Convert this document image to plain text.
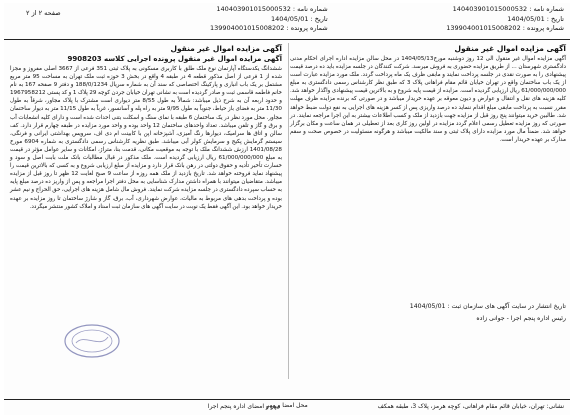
صفحه ۲ از ۲	شماره نامه : 140403901015000532
تاریخ : 1404/05/01
شماره پرونده : 139904001015008202
شماره نامه : 140403901015000532
تاریخ : 1404/05/01
شماره پرونده : 139904001015008202
آگهی مزایده اموال غیر منقول

آگهی مزایده اموال غیر منقول الی 12 روز دوشنبه مورخ1404/05/13 در محل سالن مزایده اداره اجرای احکام مدنی دادگستری شهرستان ... از طریق مزایده حضوری به فروش میرسد. شرکت کنندگان در جلسه مزایده باید ده درصد قیمت پیشنهادی را به صورت نقدی در جلسه پرداخت نمایند و مابقی ظرف یک ماه پرداخت گردد. ملک مورد مزایده عبارت است از یک باب ساختمان واقع در تهران خیابان قائم مقام فراهانی پلاک 3 که طبق نظر کارشناس رسمی دادگستری به مبلغ 61/000/000/000 ریال ارزیابی گردیده است. مزایده از قیمت پایه شروع و به بالاترین قیمت پیشنهادی واگذار خواهد شد. کلیه هزینه های نقل و انتقال و عوارض و دیون معوقه بر عهده خریدار میباشد و در صورتی که برنده مزایده ظرف مهلت مقرر نسبت به پرداخت مابقی مبلغ اقدام ننماید ده درصد واریزی پس از کسر هزینه های اجرایی به نفع دولت ضبط خواهد شد. طالبین خرید میتوانند پنج روز قبل از مزایده جهت بازدید از ملک و کسب اطلاعات بیشتر به این اجرا مراجعه نمایند. در صورتی که روز مزایده تعطیل رسمی اعلام گردد مزایده در اولین روز کاری بعد از تعطیلی در همان ساعت و مکان برگزار خواهد شد. ضمناً مال مورد مزایده دارای پلاک ثبتی و سند مالکیت میباشد و هرگونه مسئولیت در خصوص صحت و سقم مدارک بر عهده خریدار است.

تاریخ انتشار در سایت آگهی های سازمان ثبت : 1404/05/01
رئیس اداره پنجم اجرا - جوانی زاده
آگهی مزایده اموال غیر منقول
آگهی مزایده اموال غیر منقول پرونده اجرایی کلاسه 9908203

ششدانگ یکدستگاه آپارتمان نوع ملک طلق با کاربری مسکونی به پلاک ثبتی 351 فرعی از 3667 اصلی مفروز و مجزا شده از 1 فرعی از اصل مذکور قطعه 4 در طبقه 4 واقع در بخش 3 حوزه ثبت ملک تهران به مساحت 95 متر مربع مشتمل بر یک باب انباری و پارکینگ اختصاصی که سند آن به شماره سریال 188/0/1234 و دفتر 9 صفحه 167 به نام خانم فاطمه قاسمی ثبت و صادر گردیده است به نشانی تهران خیابان جردن کوچه 29 پلاک 1 و کد پستی 1967958212 و حدود اربعه آن به شرح ذیل میباشد: شمالاً به طول 8/55 متر دیواری است مشترک با پلاک مجاور، شرقاً به طول 11/30 متر به فضای باز حیاط، جنوباً به طول 9/95 متر به راه پله و آسانسور، غرباً به طول 11/15 متر به دیوار ساختمان مجاور. محل مورد نظر در یک ساختمان 6 طبقه با نمای سنگ و اسکلت بتنی احداث شده است و دارای کلیه انشعابات آب و برق و گاز و تلفن میباشد. تعداد واحدهای ساختمان 12 واحد بوده و واحد مورد مزایده در طبقه چهارم قرار دارد. کف سالن و اتاق ها سرامیک، دیوارها رنگ آمیزی، آشپزخانه اپن با کابینت ام دی اف، سرویس بهداشتی ایرانی و فرنگی، سیستم گرمایش پکیج و سرمایش کولر آبی میباشد. طبق نظریه کارشناس رسمی دادگستری به شماره 6904 مورخ 1401/08/28 ارزش ششدانگ ملک با توجه به موقعیت مکانی، قدمت بنا، متراژ، امکانات و سایر عوامل مؤثر در قیمت به مبلغ 61/000/000/000 ریال ارزیابی گردیده است. ملک مذکور در قبال مطالبات بانک ملت بابت اصل و سود و خسارت تأخیر تأدیه و حقوق دولتی در رهن بانک قرار دارد و مزایده از مبلغ ارزیابی شروع و به کسی که بالاترین قیمت را پیشنهاد نماید فروخته خواهد شد. تاریخ بازدید از ملک همه روزه از ساعت 9 صبح لغایت 12 ظهر تا روز قبل از مزایده میباشد. متقاضیان میتوانند با همراه داشتن مدارک شناسایی به محل دفتر اجرا مراجعه و پس از واریز ده درصد مبلغ پایه به حساب سپرده دادگستری در جلسه مزایده شرکت نمایند. فروش مال شامل هزینه های اجرایی، حق الحراج و نیم عشر بوده و پرداخت بدهی های مربوط به مالیات، عوارض شهرداری، آب، برق، گاز و شارژ ساختمان تا روز مزایده بر عهده خریدار خواهد بود. این آگهی فقط یک نوبت در سایت آگهی های سازمان ثبت اسناد و املاک کشور منتشر میگردد.

مهر و امضای اداره پنجم اجرا
محل امضا و مهر	نشانی: تهران، خیابان قائم مقام فراهانی، کوچه هرمز، پلاک 3، طبقه همکف
